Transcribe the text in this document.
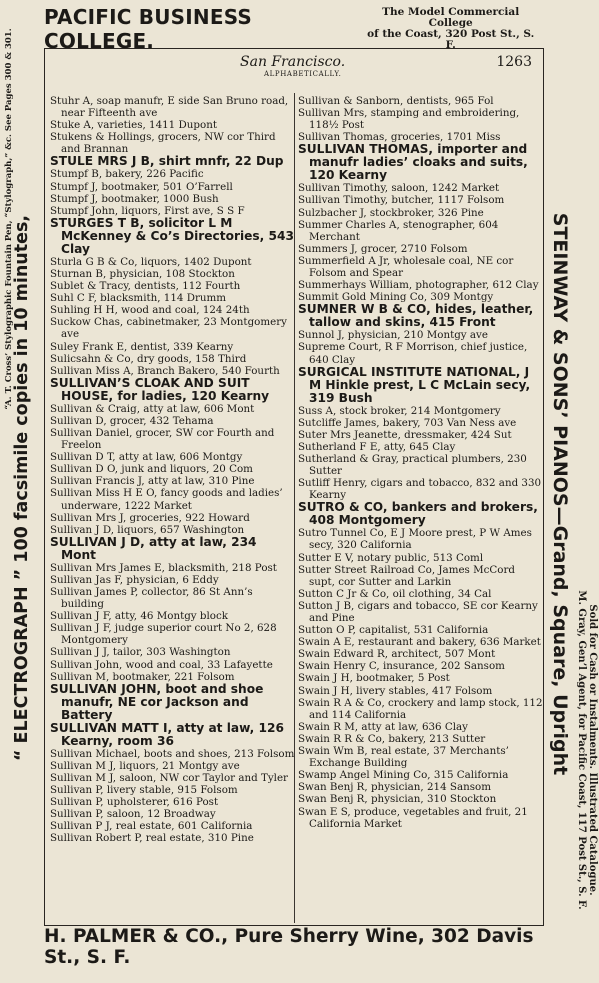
PACIFIC BUSINESS COLLEGE.
The Model Commercial College
of the Coast, 320 Post St., S. F.
“ ELECTROGRAPH ” 100 facsimile copies in 10 minutes,
“A. T. Cross’ Stylographic Fountain Pen, “Stylograph,” &c. See Pages 300 & 301.	STEINWAY & SONS’ PIANOS—Grand, Square, Upright	Sold for Cash or Instalments. Illustrated Catalogue.
M. Gray, Gen’l Agent, for Pacific Coast, 117 Post St., S. F.
San Francisco.	1263
ALPHABETICALLY.

Stuhr A, soap manufr, E side San Bruno road, near Fifteenth ave

Stuke A, varieties, 1411 Dupont

Stukens & Hollings, grocers, NW cor Third and Brannan

STULE MRS J B, shirt mnfr, 22 Dup

Stumpf B, bakery, 226 Pacific

Stumpf J, bootmaker, 501 O’Farrell

Stumpf J, bootmaker, 1000 Bush

Stumpf John, liquors, First ave, S S F

STURGES T B, solicitor L M McKenney & Co’s Directories, 543 Clay

Sturla G B & Co, liquors, 1402 Dupont

Sturnan B, physician, 108 Stockton

Sublet & Tracy, dentists, 112 Fourth

Suhl C F, blacksmith, 114 Drumm

Suhling H H, wood and coal, 124 24th

Suckow Chas, cabinetmaker, 23 Montgomery ave

Suley Frank E, dentist, 339 Kearny

Sulicsahn & Co, dry goods, 158 Third

Sullivan Miss A, Branch Bakero, 540 Fourth

SULLIVAN’S CLOAK AND SUIT HOUSE, for ladies, 120 Kearny

Sullivan & Craig, atty at law, 606 Mont

Sullivan D, grocer, 432 Tehama

Sullivan Daniel, grocer, SW cor Fourth and Freelon

Sullivan D T, atty at law, 606 Montgy

Sullivan D O, junk and liquors, 20 Com

Sullivan Francis J, atty at law, 310 Pine

Sullivan Miss H E O, fancy goods and ladies’ underware, 1222 Market

Sullivan Mrs J, groceries, 922 Howard

Sullivan J D, liquors, 657 Washington

SULLIVAN J D, atty at law, 234 Mont

Sullivan Mrs James E, blacksmith, 218 Post

Sullivan Jas F, physician, 6 Eddy

Sullivan James P, collector, 86 St Ann’s building

Sullivan J F, atty, 46 Montgy block

Sullivan J F, judge superior court No 2, 628 Montgomery

Sullivan J J, tailor, 303 Washington

Sullivan John, wood and coal, 33 Lafayette

Sullivan M, bootmaker, 221 Folsom

SULLIVAN JOHN, boot and shoe manufr, NE cor Jackson and Battery

SULLIVAN MATT I, atty at law, 126 Kearny, room 36

Sullivan Michael, boots and shoes, 213 Folsom

Sullivan M J, liquors, 21 Montgy ave

Sullivan M J, saloon, NW cor Taylor and Tyler

Sullivan P, livery stable, 915 Folsom

Sullivan P, upholsterer, 616 Post

Sullivan P, saloon, 12 Broadway

Sullivan P J, real estate, 601 California

Sullivan Robert P, real estate, 310 Pine

Sullivan & Sanborn, dentists, 965 Fol

Sullivan Mrs, stamping and embroidering, 118½ Post

Sullivan Thomas, groceries, 1701 Miss

SULLIVAN THOMAS, importer and manufr ladies’ cloaks and suits, 120 Kearny

Sullivan Timothy, saloon, 1242 Market

Sullivan Timothy, butcher, 1117 Folsom

Sulzbacher J, stockbroker, 326 Pine

Summer Charles A, stenographer, 604 Merchant

Summers J, grocer, 2710 Folsom

Summerfield A Jr, wholesale coal, NE cor Folsom and Spear

Summerhays William, photographer, 612 Clay

Summit Gold Mining Co, 309 Montgy

SUMNER W B & CO, hides, leather, tallow and skins, 415 Front

Sunnol J, physician, 210 Montgy ave

Supreme Court, R F Morrison, chief justice, 640 Clay

SURGICAL INSTITUTE NATIONAL, J M Hinkle prest, L C McLain secy, 319 Bush

Suss A, stock broker, 214 Montgomery

Sutcliffe James, bakery, 703 Van Ness ave

Suter Mrs Jeanette, dressmaker, 424 Sut

Sutherland F E, atty, 645 Clay

Sutherland & Gray, practical plumbers, 230 Sutter

Sutliff Henry, cigars and tobacco, 832 and 330 Kearny

SUTRO & CO, bankers and brokers, 408 Montgomery

Sutro Tunnel Co, E J Moore prest, P W Ames secy, 320 California

Sutter E V, notary public, 513 Coml

Sutter Street Railroad Co, James McCord supt, cor Sutter and Larkin

Sutton C Jr & Co, oil clothing, 34 Cal

Sutton J B, cigars and tobacco, SE cor Kearny and Pine

Sutton O P, capitalist, 531 California

Swain A E, restaurant and bakery, 636 Market

Swain Edward R, architect, 507 Mont

Swain Henry C, insurance, 202 Sansom

Swain J H, bootmaker, 5 Post

Swain J H, livery stables, 417 Folsom

Swain R A & Co, crockery and lamp stock, 112 and 114 California

Swain R M, atty at law, 636 Clay

Swain R R & Co, bakery, 213 Sutter

Swain Wm B, real estate, 37 Merchants’ Exchange Building

Swamp Angel Mining Co, 315 California

Swan Benj R, physician, 214 Sansom

Swan Benj R, physician, 310 Stockton

Swan E S, produce, vegetables and fruit, 21 California Market

H. PALMER & CO., Pure Sherry Wine, 302 Davis St., S. F.
